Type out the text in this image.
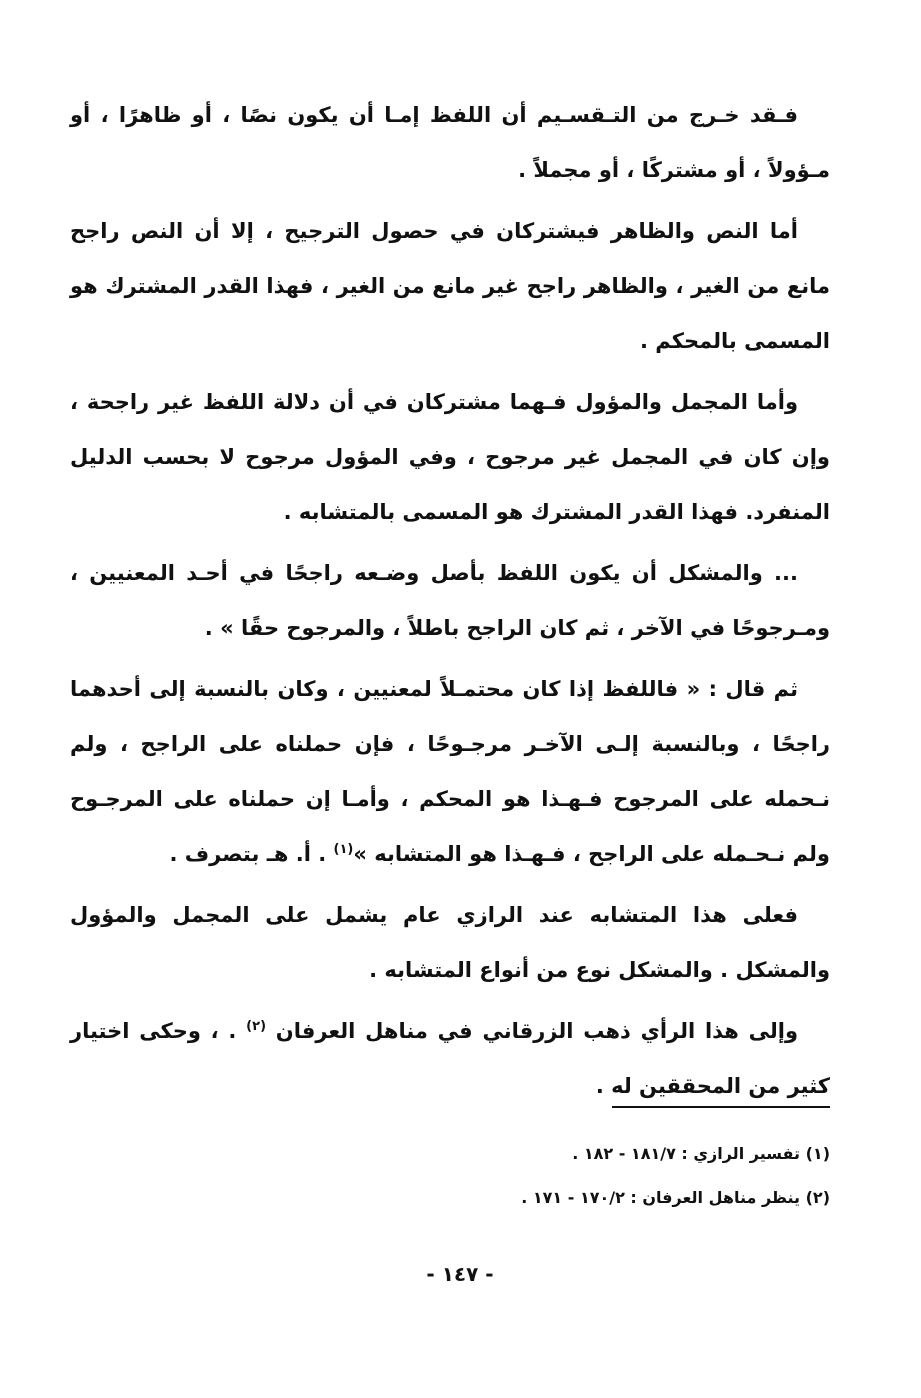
فـقد خـرج من التـقسـيم أن اللفظ إمـا أن يكون نصًا ، أو ظاهرًا ، أو مـؤولاً ، أو مشتركًا ، أو مجملاً .

أما النص والظاهر فيشتركان في حصول الترجيح ، إلا أن النص راجح مانع من الغير ، والظاهر راجح غير مانع من الغير ، فهذا القدر المشترك هو المسمى بالمحكم .

وأما المجمل والمؤول فـهما مشتركان في أن دلالة اللفظ غير راجحة ، وإن كان في المجمل غير مرجوح ، وفي المؤول مرجوح لا بحسب الدليل المنفرد. فهذا القدر المشترك هو المسمى بالمتشابه .

... والمشكل أن يكون اللفظ بأصل وضـعه راجحًا في أحـد المعنيين ، ومـرجوحًا في الآخر ، ثم كان الراجح باطلاً ، والمرجوح حقًا » .

ثم قال : « فاللفظ إذا كان محتمـلاً لمعنيين ، وكان بالنسبة إلى أحدهما راجحًا ، وبالنسبة إلـى الآخـر مرجـوحًا ، فإن حملناه على الراجح ، ولم نـحمله على المرجوح فـهـذا هو المحكم ، وأمـا إن حملناه على المرجـوح ولم نـحـمله على الراجح ، فـهـذا هو المتشابه »$^{(١)}$ . أ. هـ بتصرف .

فعلى هذا المتشابه عند الرازي عام يشمل على المجمل والمؤول والمشكل . والمشكل نوع من أنواع المتشابه .

وإلى هذا الرأي ذهب الزرقاني في مناهل العرفان $^{(٢)}$ . ، وحكى اختيار كثير من المحققين له .

(١) تفسير الرازي : ١٨١/٧ - ١٨٢ .

(٢) ينظر مناهل العرفان : ١٧٠/٢ - ١٧١ .

- ١٤٧ -
